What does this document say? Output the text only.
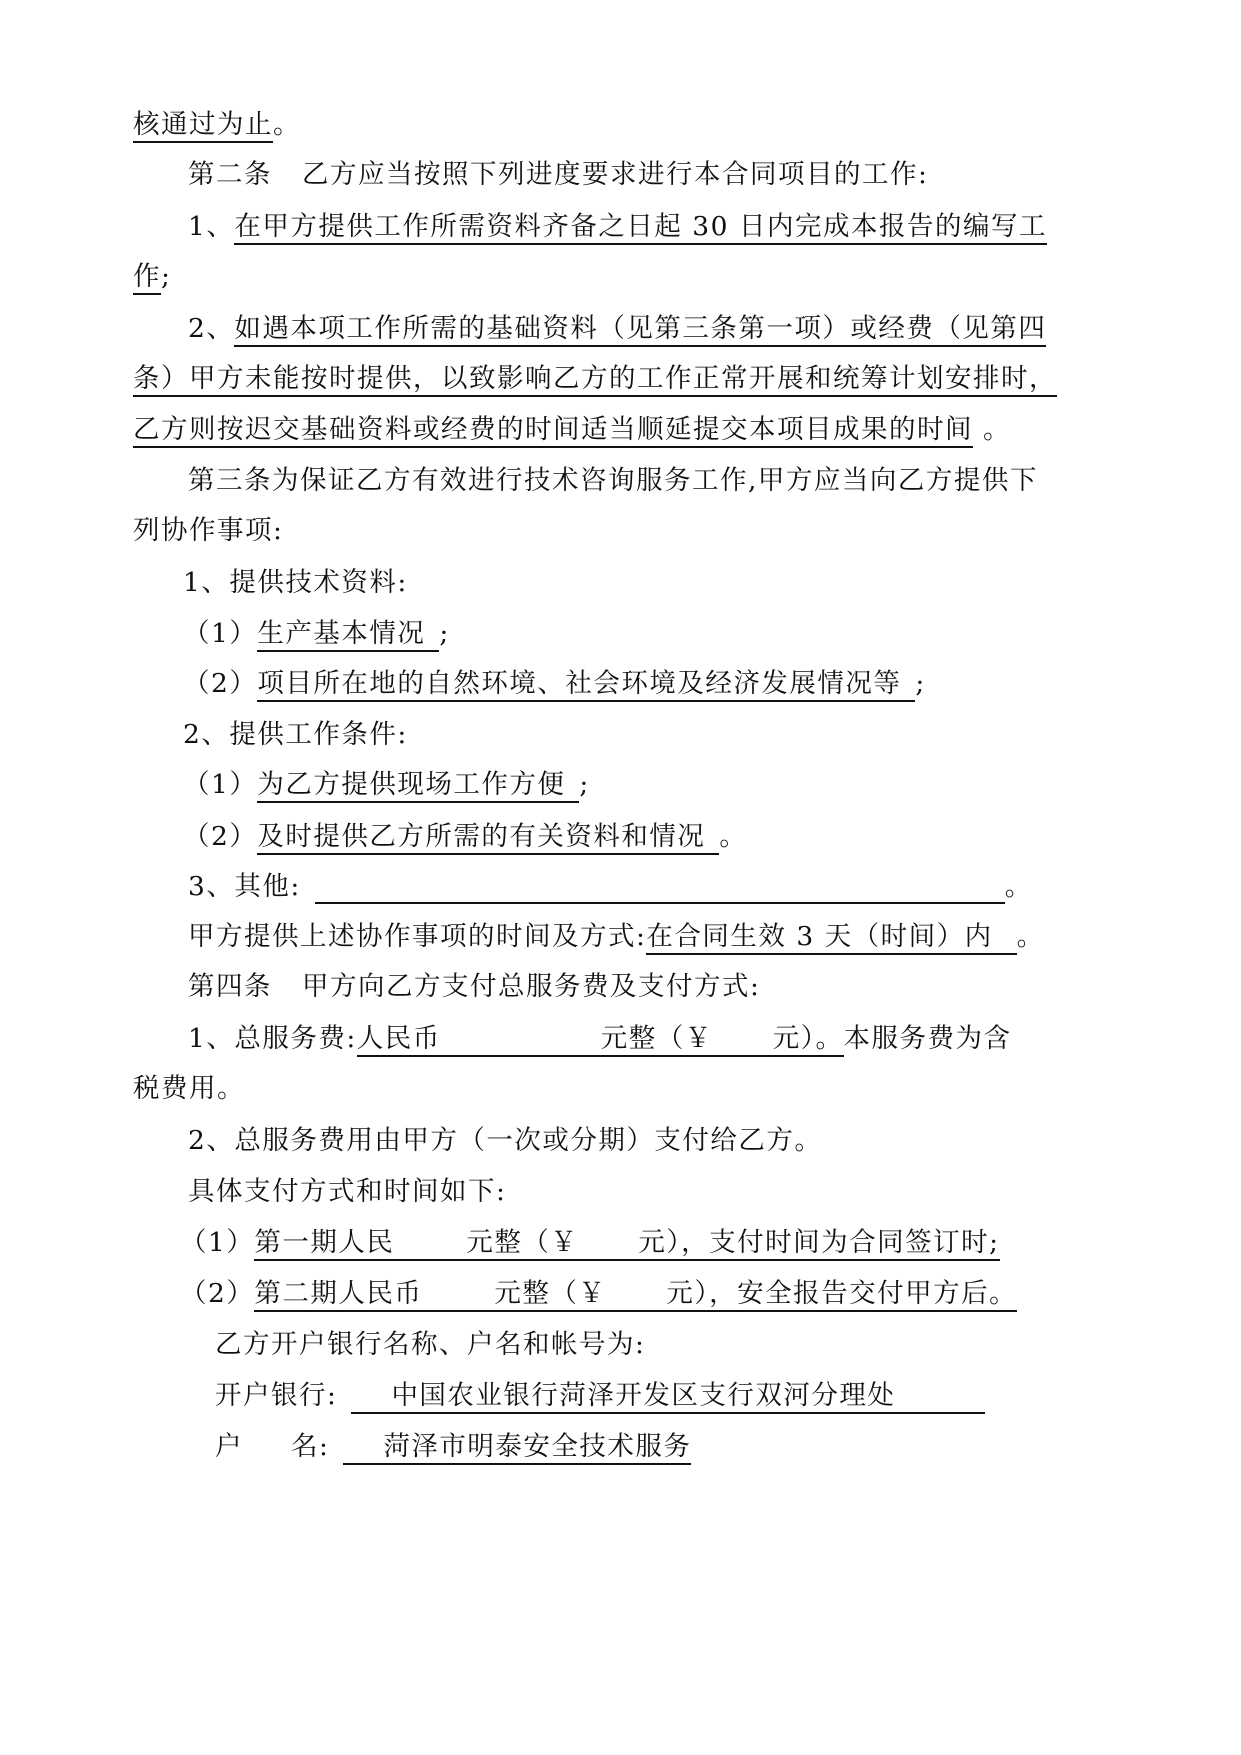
核通过为止。
第二条 乙方应当按照下列进度要求进行本合同项目的工作:
1、在甲方提供工作所需资料齐备之日起 30 日内完成本报告的编写工
作;
2、如遇本项工作所需的基础资料（见第三条第一项）或经费（见第四
条）甲方未能按时提供，以致影响乙方的工作正常开展和统筹计划安排时，
乙方则按迟交基础资料或经费的时间适当顺延提交本项目成果的时间 。
第三条为保证乙方有效进行技术咨询服务工作,甲方应当向乙方提供下
列协作事项:
1、提供技术资料:
（1）生产基本情况 ;
（2）项目所在地的自然环境、社会环境及经济发展情况等 ;
2、提供工作条件:
（1）为乙方提供现场工作方便 ;
（2）及时提供乙方所需的有关资料和情况 。
3、其他:	。
甲方提供上述协作事项的时间及方式:在合同生效 3 天（时间）内 。
第四条 甲方向乙方支付总服务费及支付方式:
1、总服务费:人民币	元整（￥ 元）。本服务费为含
税费用。
2、总服务费用由甲方（一次或分期）支付给乙方。
具体支付方式和时间如下:
（1）第一期人民	元整（￥ 元），支付时间为合同签订时;
（2）第二期人民币	元整（￥ 元），安全报告交付甲方后。
乙方开户银行名称、户名和帐号为:
开户银行: 中国农业银行菏泽开发区支行双河分理处
户 名: 菏泽市明泰安全技术服务
